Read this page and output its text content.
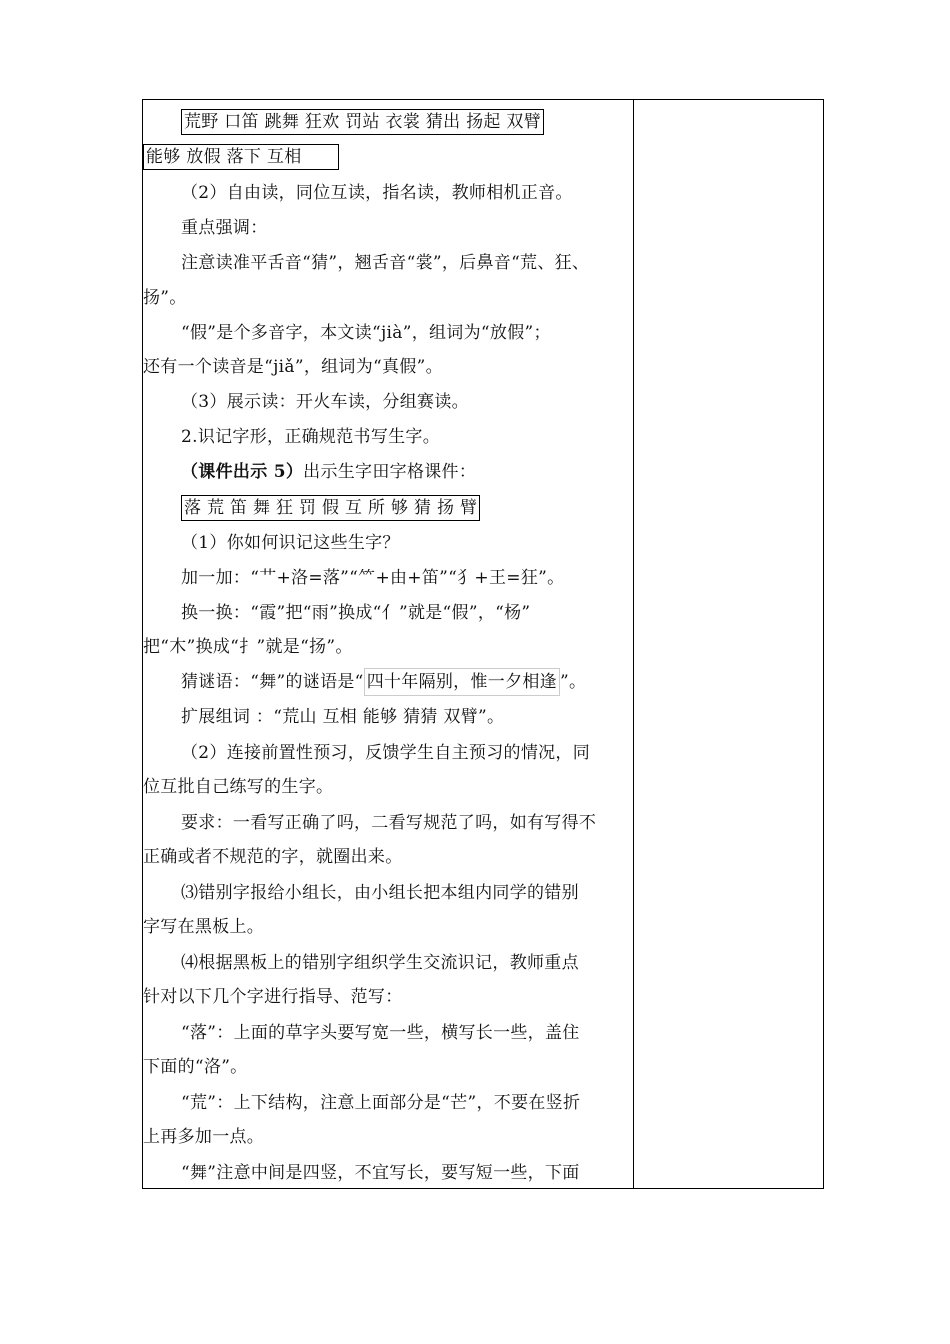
荒野 口笛 跳舞 狂欢 罚站 衣裳 猜出 扬起 双臂
能够 放假 落下 互相
（2）自由读，同位互读，指名读，教师相机正音。
重点强调：
注意读准平舌音“猜”，翘舌音“裳”，后鼻音“荒、狂、
扬”。
“假”是个多音字，本文读“jià”，组词为“放假”；
还有一个读音是“jiǎ”，组词为“真假”。
（3）展示读：开火车读，分组赛读。
2.识记字形，正确规范书写生字。
（课件出示 5）出示生字田字格课件：
落 荒 笛 舞 狂 罚 假 互 所 够 猜 扬 臂
（1）你如何识记这些生字？
加一加：“艹+洛=落”“⺮+由+笛”“犭+王=狂”。
换一换：“霞”把“雨”换成“亻”就是“假”，“杨”
把“木”换成“扌”就是“扬”。
猜谜语：“舞”的谜语是“ 四十年隔别，惟一夕相逢 ”。
扩展组词 ：“荒山 互相 能够 猜猜 双臂”。
（2）连接前置性预习，反馈学生自主预习的情况，同
位互批自己练写的生字。
要求：一看写正确了吗，二看写规范了吗，如有写得不
正确或者不规范的字，就圈出来。
⑶错别字报给小组长，由小组长把本组内同学的错别
字写在黑板上。
⑷根据黑板上的错别字组织学生交流识记，教师重点
针对以下几个字进行指导、范写：
“落”：上面的草字头要写宽一些，横写长一些，盖住
下面的“洛”。
“荒”：上下结构，注意上面部分是“芒”，不要在竖折
上再多加一点。
“舞”注意中间是四竖，不宜写长，要写短一些，下面
